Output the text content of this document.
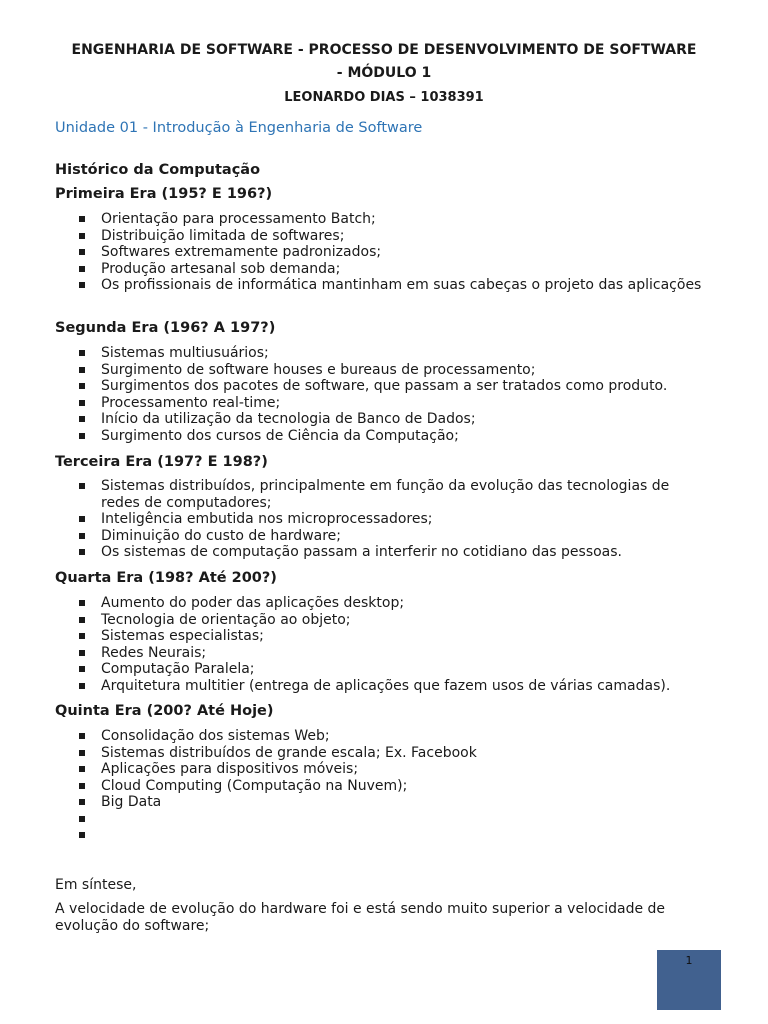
ENGENHARIA DE SOFTWARE - PROCESSO DE DESENVOLVIMENTO DE SOFTWARE
- MÓDULO 1
LEONARDO DIAS – 1038391
Unidade 01 - Introdução à Engenharia de Software
Histórico da Computação
Primeira Era (195? E 196?)
Orientação para processamento Batch;
Distribuição limitada de softwares;
Softwares extremamente padronizados;
Produção artesanal sob demanda;
Os profissionais de informática mantinham em suas cabeças o projeto das aplicações
Segunda Era (196? A 197?)
Sistemas multiusuários;
Surgimento de software houses e bureaus de processamento;
Surgimentos dos pacotes de software, que passam a ser tratados como produto.
Processamento real-time;
Início da utilização da tecnologia de Banco de Dados;
Surgimento dos cursos de Ciência da Computação;
Terceira Era (197? E 198?)
Sistemas distribuídos, principalmente em função da evolução das tecnologias de redes de computadores;
Inteligência embutida nos microprocessadores;
Diminuição do custo de hardware;
Os sistemas de computação passam a interferir no cotidiano das pessoas.
Quarta Era (198? Até 200?)
Aumento do poder das aplicações desktop;
Tecnologia de orientação ao objeto;
Sistemas especialistas;
Redes Neurais;
Computação Paralela;
Arquitetura multitier (entrega de aplicações que fazem usos de várias camadas).
Quinta Era (200? Até Hoje)
Consolidação dos sistemas Web;
Sistemas distribuídos de grande escala; Ex. Facebook
Aplicações para dispositivos móveis;
Cloud Computing (Computação na Nuvem);
Big Data

Em síntese,
A velocidade de evolução do hardware foi e está sendo muito superior a velocidade de evolução do software;
1
